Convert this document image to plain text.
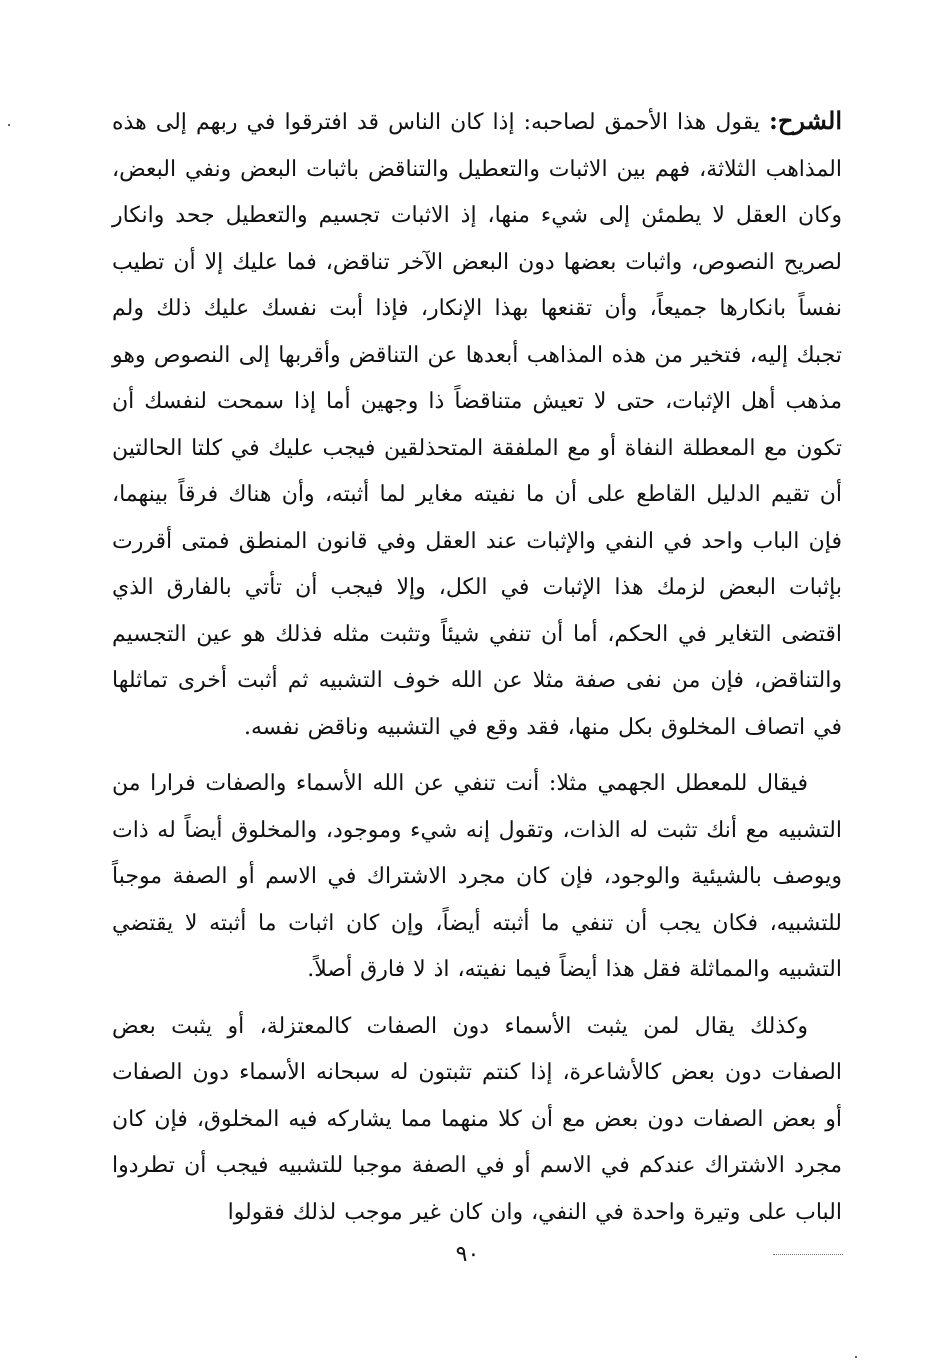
الشرح: يقول هذا الأحمق لصاحبه: إذا كان الناس قد افترقوا في ربهم إلى هذه المذاهب الثلاثة، فهم بين الاثبات والتعطيل والتناقض باثبات البعض ونفي البعض، وكان العقل لا يطمئن إلى شيء منها، إذ الاثبات تجسيم والتعطيل جحد وانكار لصريح النصوص، واثبات بعضها دون البعض الآخر تناقض، فما عليك إلا أن تطيب نفساً بانكارها جميعاً، وأن تقنعها بهذا الإنكار، فإذا أبت نفسك عليك ذلك ولم تجبك إليه، فتخير من هذه المذاهب أبعدها عن التناقض وأقربها إلى النصوص وهو مذهب أهل الإثبات، حتى لا تعيش متناقضاً ذا وجهين أما إذا سمحت لنفسك أن تكون مع المعطلة النفاة أو مع الملفقة المتحذلقين فيجب عليك في كلتا الحالتين أن تقيم الدليل القاطع على أن ما نفيته مغاير لما أثبته، وأن هناك فرقاً بينهما، فإن الباب واحد في النفي والإثبات عند العقل وفي قانون المنطق فمتى أقررت بإثبات البعض لزمك هذا الإثبات في الكل، وإلا فيجب أن تأتي بالفارق الذي اقتضى التغاير في الحكم، أما أن تنفي شيئاً وتثبت مثله فذلك هو عين التجسيم والتناقض، فإن من نفى صفة مثلا عن الله خوف التشبيه ثم أثبت أخرى تماثلها في اتصاف المخلوق بكل منها، فقد وقع في التشبيه وناقض نفسه.

فيقال للمعطل الجهمي مثلا: أنت تنفي عن الله الأسماء والصفات فرارا من التشبيه مع أنك تثبت له الذات، وتقول إنه شيء وموجود، والمخلوق أيضاً له ذات ويوصف بالشيئية والوجود، فإن كان مجرد الاشتراك في الاسم أو الصفة موجباً للتشبيه، فكان يجب أن تنفي ما أثبته أيضاً، وإن كان اثبات ما أثبته لا يقتضي التشبيه والمماثلة فقل هذا أيضاً فيما نفيته، اذ لا فارق أصلاً.

وكذلك يقال لمن يثبت الأسماء دون الصفات كالمعتزلة، أو يثبت بعض الصفات دون بعض كالأشاعرة، إذا كنتم تثبتون له سبحانه الأسماء دون الصفات أو بعض الصفات دون بعض مع أن كلا منهما مما يشاركه فيه المخلوق، فإن كان مجرد الاشتراك عندكم في الاسم أو في الصفة موجبا للتشبيه فيجب أن تطردوا الباب على وتيرة واحدة في النفي، وان كان غير موجب لذلك فقولوا

٩٠
